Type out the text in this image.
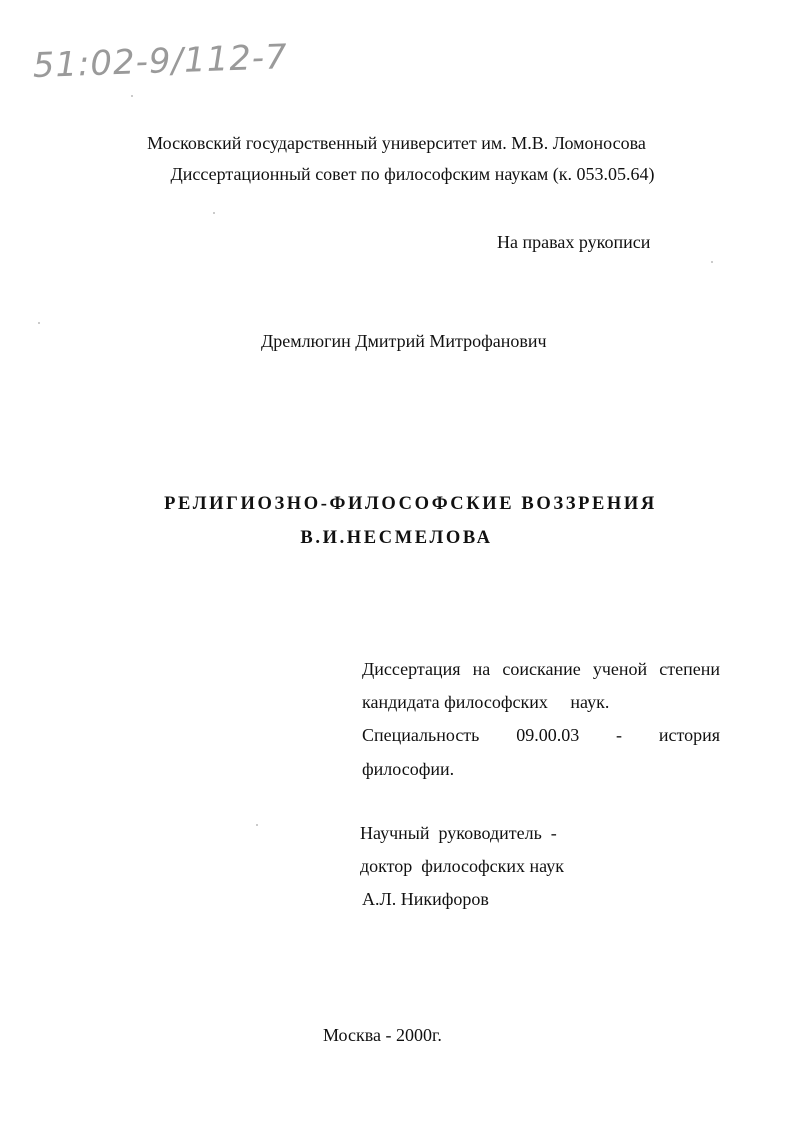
51:02-9/112-7
Московский государственный университет им. М.В. Ломоносова
Диссертационный совет по философским наукам (к. 053.05.64)
На правах рукописи
Дремлюгин Дмитрий Митрофанович
РЕЛИГИОЗНО-ФИЛОСОФСКИЕ ВОЗЗРЕНИЯ
В.И.НЕСМЕЛОВА
Диссертация на соискание ученой степени
кандидата философских     наук.
Специальность 09.00.03 - история
философии.
Научный  руководитель  -
доктор  философских наук
А.Л. Никифоров
Москва - 2000г.
